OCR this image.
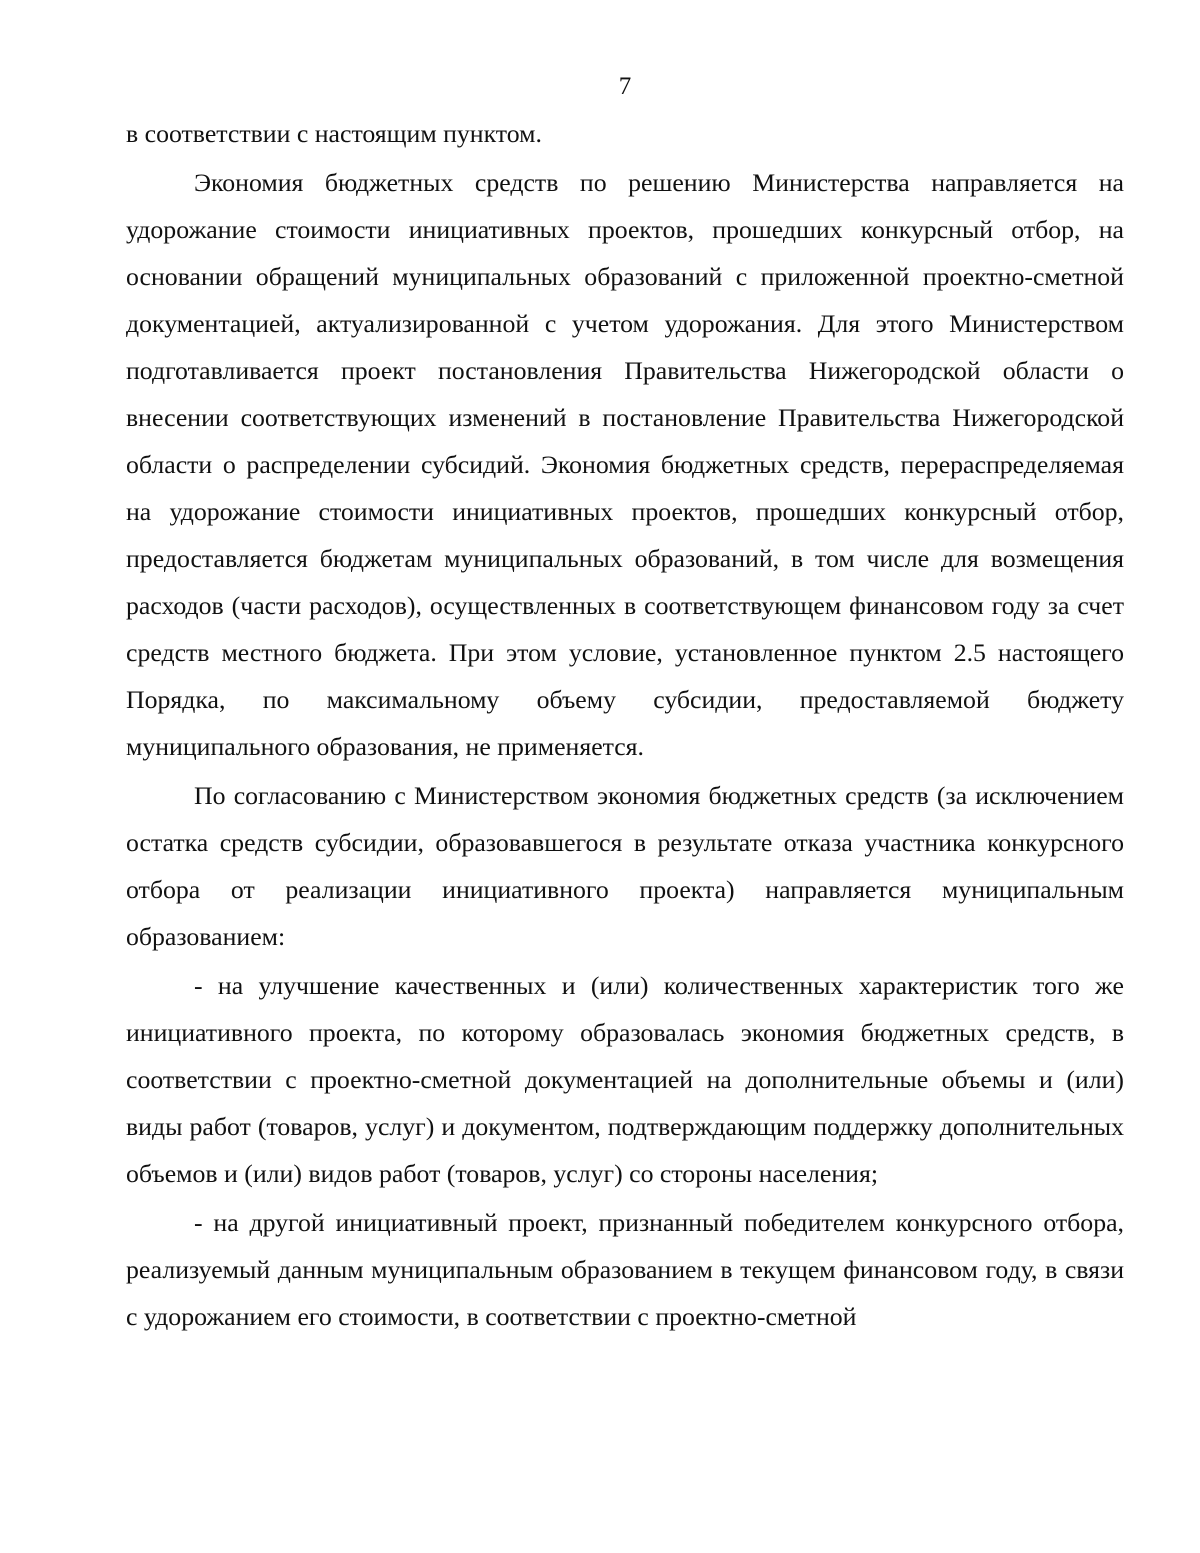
7

в соответствии с настоящим пунктом.

Экономия бюджетных средств по решению Министерства направляется на удорожание стоимости инициативных проектов, прошедших конкурсный отбор, на основании обращений муниципальных образований с приложенной проектно-сметной документацией, актуализированной с учетом удорожания. Для этого Министерством подготавливается проект постановления Правительства Нижегородской области о внесении соответствующих изменений в постановление Правительства Нижегородской области о распределении субсидий. Экономия бюджетных средств, перераспределяемая на удорожание стоимости инициативных проектов, прошедших конкурсный отбор, предоставляется бюджетам муниципальных образований, в том числе для возмещения расходов (части расходов), осуществленных в соответствующем финансовом году за счет средств местного бюджета. При этом условие, установленное пунктом 2.5 настоящего Порядка, по максимальному объему субсидии, предоставляемой бюджету муниципального образования, не применяется.

По согласованию с Министерством экономия бюджетных средств (за исключением остатка средств субсидии, образовавшегося в результате отказа участника конкурсного отбора от реализации инициативного проекта) направляется муниципальным образованием:

- на улучшение качественных и (или) количественных характеристик того же инициативного проекта, по которому образовалась экономия бюджетных средств, в соответствии с проектно-сметной документацией на дополнительные объемы и (или) виды работ (товаров, услуг) и документом, подтверждающим поддержку дополнительных объемов и (или) видов работ (товаров, услуг) со стороны населения;

- на другой инициативный проект, признанный победителем конкурсного отбора, реализуемый данным муниципальным образованием в текущем финансовом году, в связи с удорожанием его стоимости, в соответствии с проектно-сметной
